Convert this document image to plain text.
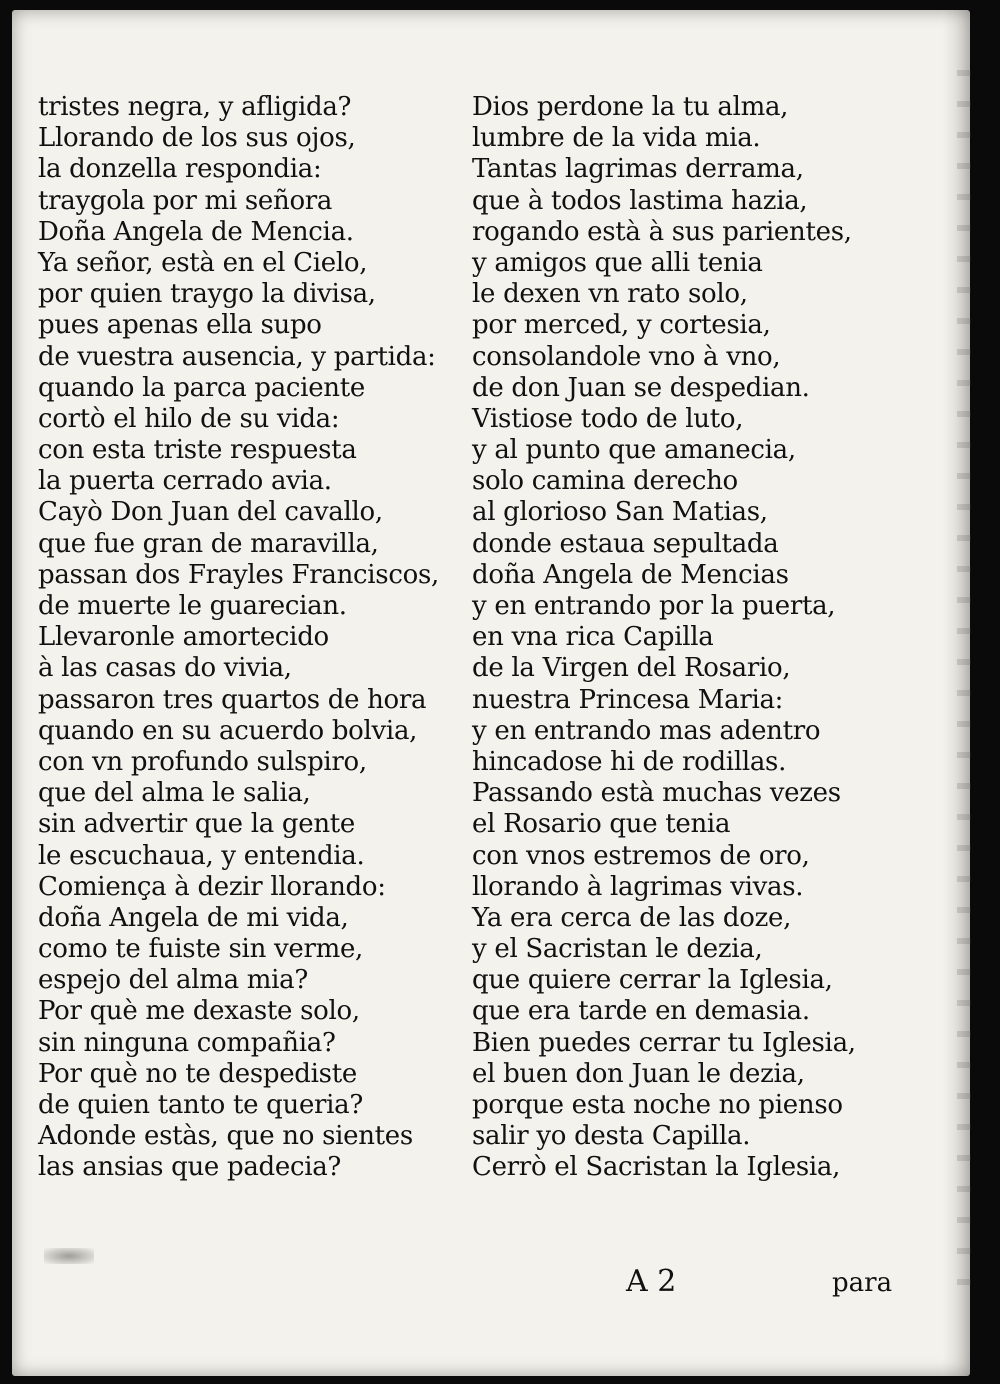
tristes negra, y afligida?
Llorando de los sus ojos,
la donzella respondia:
traygola por mi señora
Doña Angela de Mencia.
Ya señor, està en el Cielo,
por quien traygo la divisa,
pues apenas ella supo
de vuestra ausencia, y partida:
quando la parca paciente
cortò el hilo de su vida:
con esta triste respuesta
la puerta cerrado avia.
Cayò Don Juan del cavallo,
que fue gran de maravilla,
passan dos Frayles Franciscos,
de muerte le guarecian.
Llevaronle amortecido
à las casas do vivia,
passaron tres quartos de hora
quando en su acuerdo bolvia,
con vn profundo sulspiro,
que del alma le salia,
sin advertir que la gente
le escuchaua, y entendia.
Comiença à dezir llorando:
doña Angela de mi vida,
como te fuiste sin verme,
espejo del alma mia?
Por què me dexaste solo,
sin ninguna compañia?
Por què no te despediste
de quien tanto te queria?
Adonde estàs, que no sientes
las ansias que padecia?
Dios perdone la tu alma,
lumbre de la vida mia.
Tantas lagrimas derrama,
que à todos lastima hazia,
rogando està à sus parientes,
y amigos que alli tenia
le dexen vn rato solo,
por merced, y cortesia,
consolandole vno à vno,
de don Juan se despedian.
Vistiose todo de luto,
y al punto que amanecia,
solo camina derecho
al glorioso San Matias,
donde estaua sepultada
doña Angela de Mencias
y en entrando por la puerta,
en vna rica Capilla
de la Virgen del Rosario,
nuestra Princesa Maria:
y en entrando mas adentro
hincadose hi de rodillas.
Passando està muchas vezes
el Rosario que tenia
con vnos estremos de oro,
llorando à lagrimas vivas.
Ya era cerca de las doze,
y el Sacristan le dezia,
que quiere cerrar la Iglesia,
que era tarde en demasia.
Bien puedes cerrar tu Iglesia,
el buen don Juan le dezia,
porque esta noche no pienso
salir yo desta Capilla.
Cerrò el Sacristan la Iglesia,
A 2	para
